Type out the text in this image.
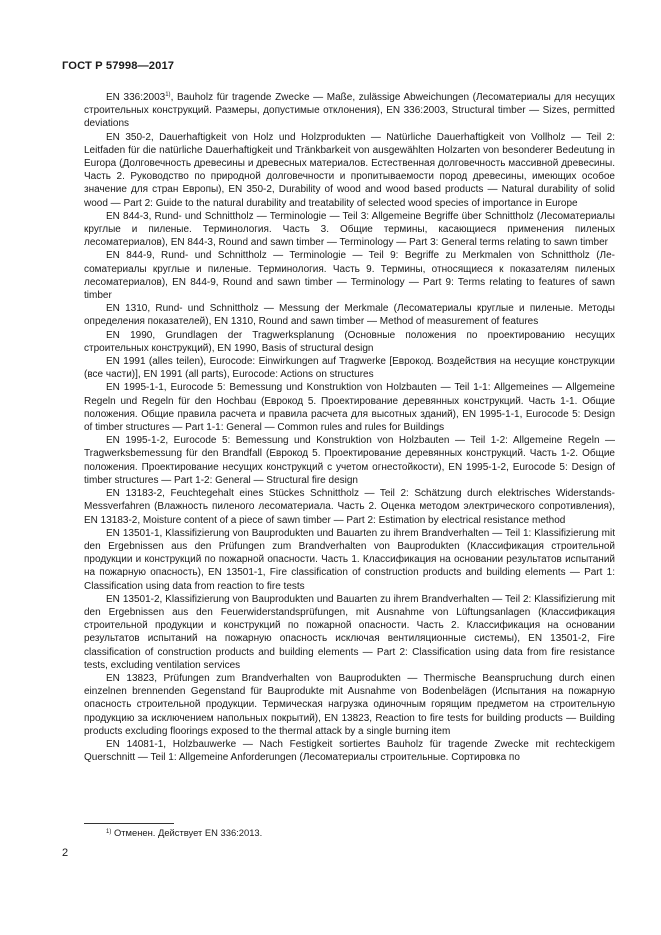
ГОСТ Р 57998—2017

EN 336:2003$^{1)}$, Bauholz für tragende Zwecke — Maße, zulässige Abweichungen (Лесоматериалы для несущих строительных конструкций. Размеры, допустимые отклонения), EN 336:2003, Structural timber — Sizes, permitted deviations

EN 350-2, Dauerhaftigkeit von Holz und Holzprodukten — Natürliche Dauerhaftigkeit von Vollholz — Teil 2: Leitfaden für die natürliche Dauerhaftigkeit und Tränkbarkeit von ausgewählten Holzarten von besonderer Bedeutung in Europa (Долговечность древесины и древесных материалов. Естественная долговечность массивной древесины. Часть 2. Руководство по природной долговечности и пропитываемости пород древесины, имеющих особое значение для стран Европы), EN 350-2, Durability of wood and wood based products — Natural durability of solid wood — Part 2: Guide to the natural durability and treatability of selected wood species of importance in Europe

EN 844-3, Rund- und Schnittholz — Terminologie — Teil 3: Allgemeine Begriffe über Schnittholz (Лесоматериалы круглые и пиленые. Терминология. Часть 3. Общие термины, касающиеся применения пиленых лесоматериалов), EN 844-3, Round and sawn timber — Terminology — Part 3: General terms relating to sawn timber

EN 844-9, Rund- und Schnittholz — Terminologie — Teil 9: Begriffe zu Merkmalen von Schnittholz (Лесоматериалы круглые и пиленые. Терминология. Часть 9. Термины, относящиеся к показателям пиленых лесоматериалов), EN 844-9, Round and sawn timber — Terminology — Part 9: Terms relating to features of sawn timber

EN 1310, Rund- und Schnittholz — Messung der Merkmale (Лесоматериалы круглые и пиленые. Методы определения показателей), EN 1310, Round and sawn timber — Method of measurement of features

EN 1990, Grundlagen der Tragwerksplanung (Основные положения по проектированию несущих строительных конструкций), EN 1990, Basis of structural design

EN 1991 (alles teilen), Eurocode: Einwirkungen auf Tragwerke [Еврокод. Воздействия на несущие конструкции (все части)], EN 1991 (all parts), Eurocode: Actions on structures

EN 1995-1-1, Eurocode 5: Bemessung und Konstruktion von Holzbauten — Teil 1-1: Allgemeines — Allgemeine Regeln und Regeln für den Hochbau (Еврокод 5. Проектирование деревянных конструкций. Часть 1-1. Общие положения. Общие правила расчета и правила расчета для высотных зданий), EN 1995-1-1, Eurocode 5: Design of timber structures — Part 1-1: General — Common rules and rules for Buildings

EN 1995-1-2, Eurocode 5: Bemessung und Konstruktion von Holzbauten — Teil 1-2: Allgemeine Regeln — Tragwerksbemessung für den Brandfall (Еврокод 5. Проектирование деревянных конструкций. Часть 1-2. Общие положения. Проектирование несущих конструкций с учетом огнестойкости), EN 1995-1-2, Eurocode 5: Design of timber structures — Part 1-2: General — Structural fire design

EN 13183-2, Feuchtegehalt eines Stückes Schnittholz — Teil 2: Schätzung durch elektrisches Widerstands-Messverfahren (Влажность пиленого лесоматериала. Часть 2. Оценка методом электрического сопротивления), EN 13183-2, Moisture content of a piece of sawn timber — Part 2: Estimation by electrical resistance method

EN 13501-1, Klassifizierung von Bauprodukten und Bauarten zu ihrem Brandverhalten — Teil 1: Klassifizierung mit den Ergebnissen aus den Prüfungen zum Brandverhalten von Bauprodukten (Классификация строительной продукции и конструкций по пожарной опасности. Часть 1. Классификация на основании результатов испытаний на пожарную опасность), EN 13501-1, Fire classification of construction products and building elements — Part 1: Classification using data from reaction to fire tests

EN 13501-2, Klassifizierung von Bauprodukten und Bauarten zu ihrem Brandverhalten — Teil 2: Klassifizierung mit den Ergebnissen aus den Feuerwiderstandsprüfungen, mit Ausnahme von Lüftungsanlagen (Классификация строительной продукции и конструкций по пожарной опасности. Часть 2. Классификация на основании результатов испытаний на пожарную опасность исключая вентиляционные системы), EN 13501-2, Fire classification of construction products and building elements — Part 2: Classification using data from fire resistance tests, excluding ventilation services

EN 13823, Prüfungen zum Brandverhalten von Bauprodukten — Thermische Beanspruchung durch einen einzelnen brennenden Gegenstand für Bauprodukte mit Ausnahme von Bodenbelägen (Испытания на пожарную опасность строительной продукции. Термическая нагрузка одиночным горящим предметом на строительную продукцию за исключением напольных покрытий), EN 13823, Reaction to fire tests for building products — Building products excluding floorings exposed to the thermal attack by a single burning item

EN 14081-1, Holzbauwerke — Nach Festigkeit sortiertes Bauholz für tragende Zwecke mit rechteckigem Querschnitt — Teil 1: Allgemeine Anforderungen (Лесоматериалы строительные. Сортировка по

$^{1)}$ Отменен. Действует EN 336:2013.
2
